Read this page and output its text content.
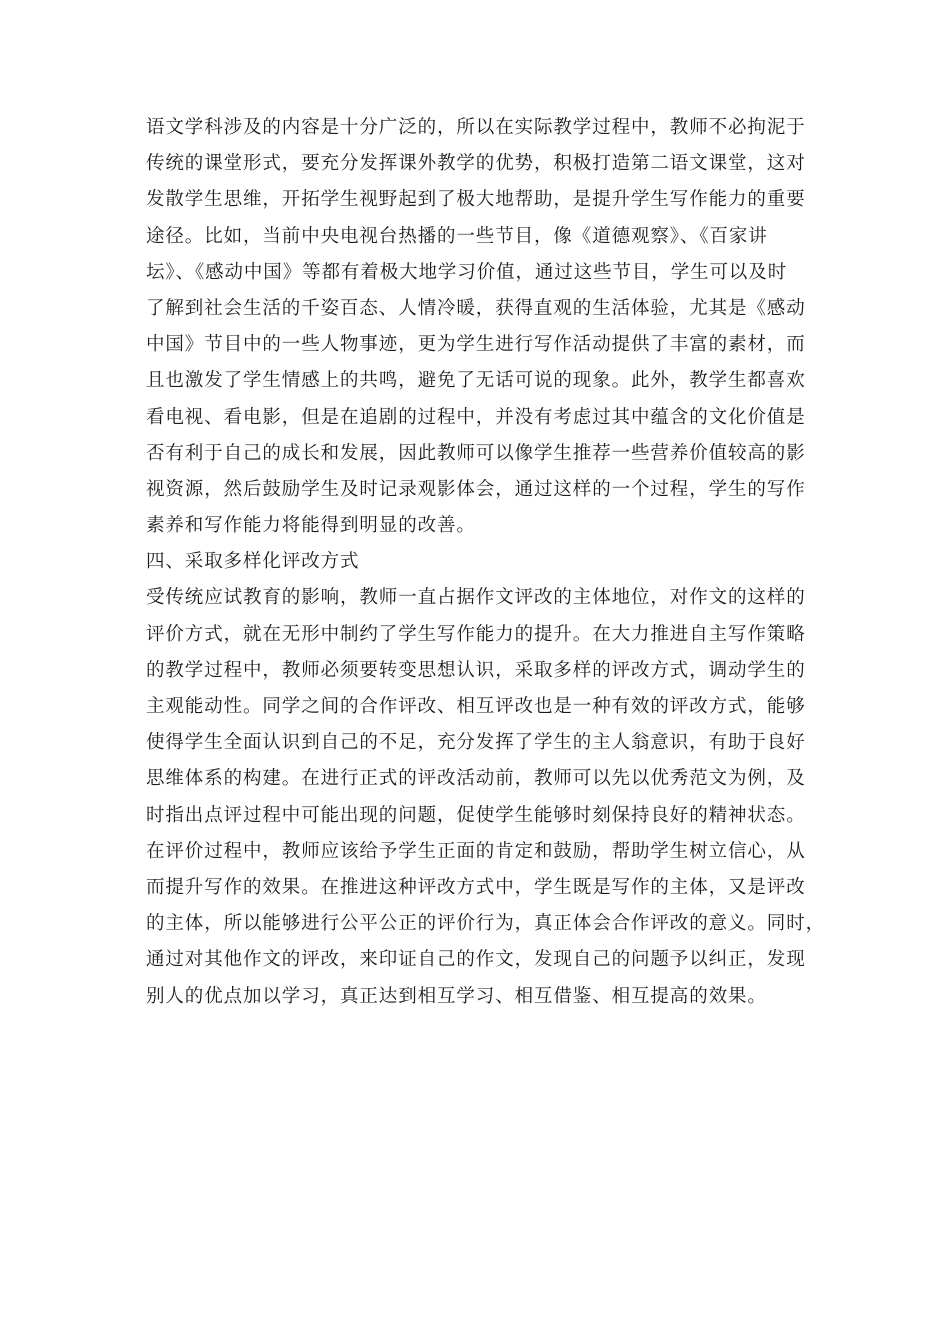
语文学科涉及的内容是十分广泛的，所以在实际教学过程中，教师不必拘泥于
传统的课堂形式，要充分发挥课外教学的优势，积极打造第二语文课堂，这对
发散学生思维，开拓学生视野起到了极大地帮助，是提升学生写作能力的重要
途径。比如，当前中央电视台热播的一些节目，像《道德观察》、《百家讲
坛》、《感动中国》等都有着极大地学习价值，通过这些节目，学生可以及时
了解到社会生活的千姿百态、人情冷暖，获得直观的生活体验，尤其是《感动
中国》节目中的一些人物事迹，更为学生进行写作活动提供了丰富的素材，而
且也激发了学生情感上的共鸣，避免了无话可说的现象。此外，教学生都喜欢
看电视、看电影，但是在追剧的过程中，并没有考虑过其中蕴含的文化价值是
否有利于自己的成长和发展，因此教师可以像学生推荐一些营养价值较高的影
视资源，然后鼓励学生及时记录观影体会，通过这样的一个过程，学生的写作
素养和写作能力将能得到明显的改善。
四、采取多样化评改方式
受传统应试教育的影响，教师一直占据作文评改的主体地位，对作文的这样的
评价方式，就在无形中制约了学生写作能力的提升。在大力推进自主写作策略
的教学过程中，教师必须要转变思想认识，采取多样的评改方式，调动学生的
主观能动性。同学之间的合作评改、相互评改也是一种有效的评改方式，能够
使得学生全面认识到自己的不足，充分发挥了学生的主人翁意识，有助于良好
思维体系的构建。在进行正式的评改活动前，教师可以先以优秀范文为例，及
时指出点评过程中可能出现的问题，促使学生能够时刻保持良好的精神状态。
在评价过程中，教师应该给予学生正面的肯定和鼓励，帮助学生树立信心，从
而提升写作的效果。在推进这种评改方式中，学生既是写作的主体，又是评改
的主体，所以能够进行公平公正的评价行为，真正体会合作评改的意义。同时，
通过对其他作文的评改，来印证自己的作文，发现自己的问题予以纠正，发现
别人的优点加以学习，真正达到相互学习、相互借鉴、相互提高的效果。
